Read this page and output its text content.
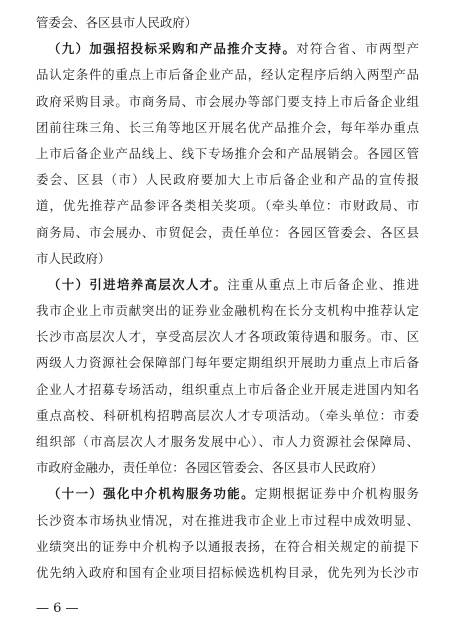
管委会、各区县市人民政府）
（九）加强招投标采购和产品推介支持。对符合省、市两型产
品认定条件的重点上市后备企业产品，经认定程序后纳入两型产品
政府采购目录。市商务局、市会展办等部门要支持上市后备企业组
团前往珠三角、长三角等地区开展名优产品推介会，每年举办重点
上市后备企业产品线上、线下专场推介会和产品展销会。各园区管
委会、区县（市）人民政府要加大上市后备企业和产品的宣传报
道，优先推荐产品参评各类相关奖项。（牵头单位：市财政局、市
商务局、市会展办、市贸促会，责任单位：各园区管委会、各区县
市人民政府）
（十）引进培养高层次人才。注重从重点上市后备企业、推进
我市企业上市贡献突出的证券业金融机构在长分支机构中推荐认定
长沙市高层次人才，享受高层次人才各项政策待遇和服务。市、区
两级人力资源社会保障部门每年要定期组织开展助力重点上市后备
企业人才招募专场活动，组织重点上市后备企业开展走进国内知名
重点高校、科研机构招聘高层次人才专项活动。（牵头单位：市委
组织部（市高层次人才服务发展中心）、市人力资源社会保障局、
市政府金融办，责任单位：各园区管委会、各区县市人民政府）
（十一）强化中介机构服务功能。定期根据证券中介机构服务
长沙资本市场执业情况，对在推进我市企业上市过程中成效明显、
业绩突出的证券中介机构予以通报表扬，在符合相关规定的前提下
优先纳入政府和国有企业项目招标候选机构目录，优先列为长沙市
— 6 —
